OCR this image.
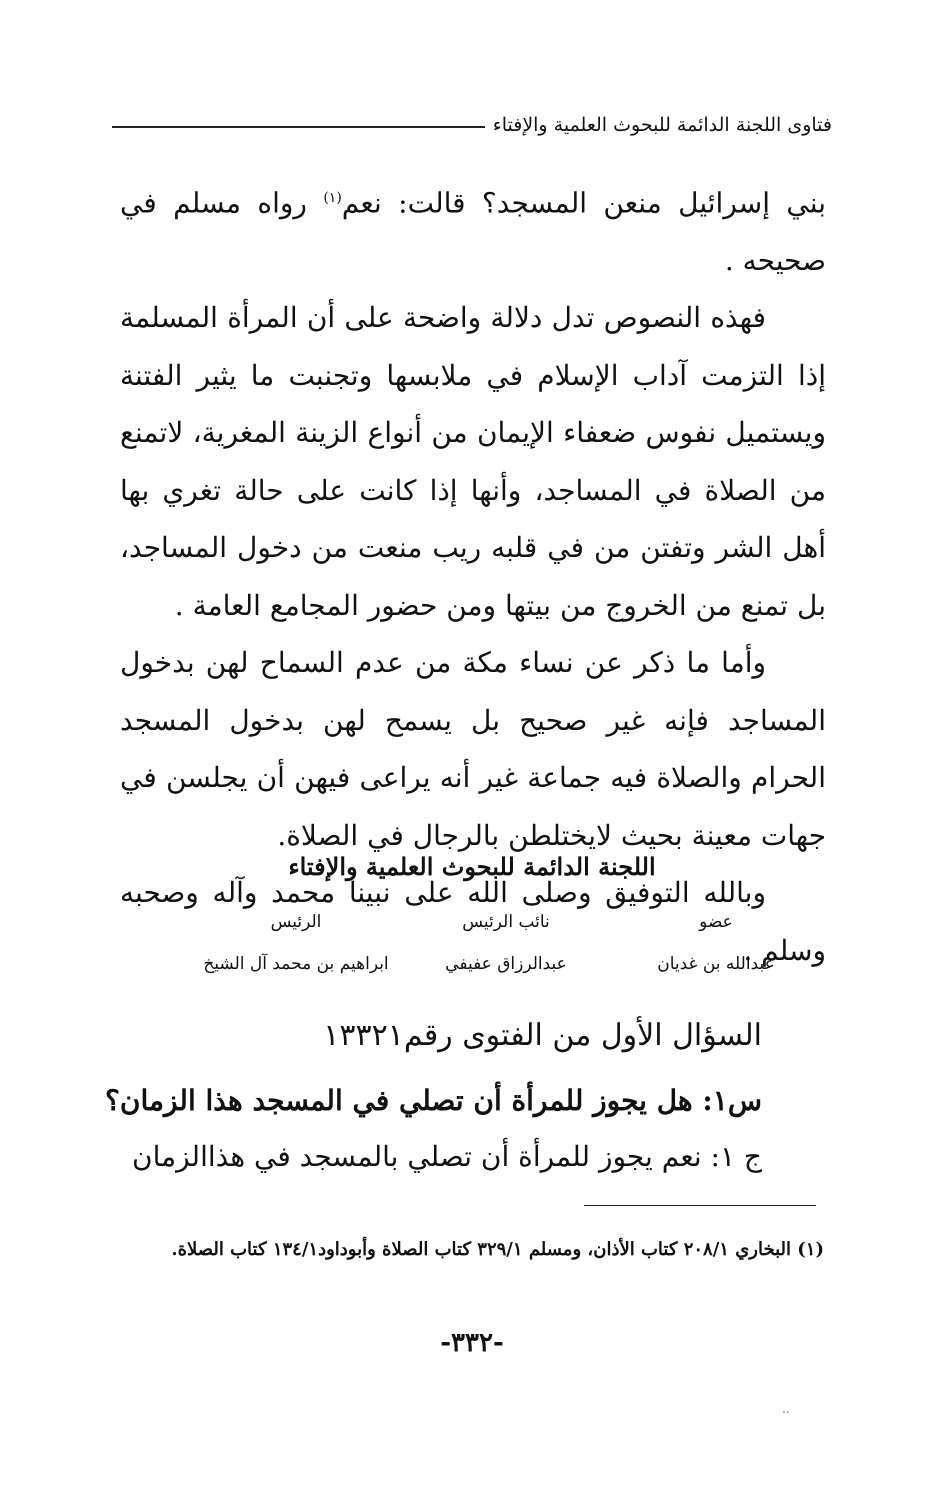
فتاوى اللجنة الدائمة للبحوث العلمية والإفتاء

بني إسرائيل منعن المسجد؟ قالت: نعم$^{(١)}$ رواه مسلم في صحيحه .

فهذه النصوص تدل دلالة واضحة على أن المرأة المسلمة إذا التزمت آداب الإسلام في ملابسها وتجنبت ما يثير الفتنة ويستميل نفوس ضعفاء الإيمان من أنواع الزينة المغرية، لاتمنع من الصلاة في المساجد، وأنها إذا كانت على حالة تغري بها أهل الشر وتفتن من في قلبه ريب منعت من دخول المساجد، بل تمنع من الخروج من بيتها ومن حضور المجامع العامة .

وأما ما ذكر عن نساء مكة من عدم السماح لهن بدخول المساجد فإنه غير صحيح بل يسمح لهن بدخول المسجد الحرام والصلاة فيه جماعة غير أنه يراعى فيهن أن يجلسن في جهات معينة بحيث لايختلطن بالرجال في الصلاة.

وبالله التوفيق وصلى الله على نبينا محمد وآله وصحبه وسلم .

اللجنة الدائمة للبحوث العلمية والإفتاء
عضو
عبدالله بن غديان
نائب الرئيس
عبدالرزاق عفيفي
الرئيس
ابراهيم بن محمد آل الشيخ
السؤال الأول من الفتوى رقم١٣٣٢١
س١: هل يجوز للمرأة أن تصلي في المسجد هذا الزمان؟
ج ١: نعم يجوز للمرأة أن تصلي بالمسجد في هذاالزمان
(١) البخاري ٢٠٨/١ كتاب الأذان، ومسلم ٣٢٩/١ كتاب الصلاة وأبوداود١٣٤/١ كتاب الصلاة.
-٣٣٢-
..
